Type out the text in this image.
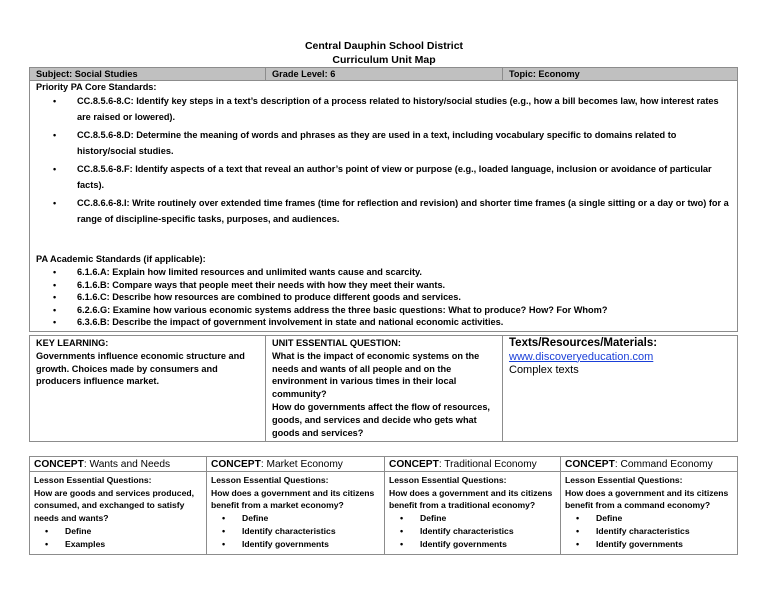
Central Dauphin School District
Curriculum Unit Map
Subject: Social Studies	Grade Level: 6	Topic: Economy
Priority PA Core Standards:
• CC.8.5.6-8.C: Identify key steps in a text’s description of a process related to history/social studies (e.g., how a bill becomes law, how interest rates are raised or lowered).
• CC.8.5.6-8.D: Determine the meaning of words and phrases as they are used in a text, including vocabulary specific to domains related to history/social studies.
• CC.8.5.6-8.F: Identify aspects of a text that reveal an author’s point of view or purpose (e.g., loaded language, inclusion or avoidance of particular facts).
• CC.8.6.6-8.I: Write routinely over extended time frames (time for reflection and revision) and shorter time frames (a single sitting or a day or two) for a range of discipline-specific tasks, purposes, and audiences.
PA Academic Standards (if applicable):
• 6.1.6.A: Explain how limited resources and unlimited wants cause and scarcity.
• 6.1.6.B: Compare ways that people meet their needs with how they meet their wants.
• 6.1.6.C: Describe how resources are combined to produce different goods and services.
• 6.2.6.G: Examine how various economic systems address the three basic questions: What to produce? How? For Whom?
• 6.3.6.B: Describe the impact of government involvement in state and national economic activities.
KEY LEARNING:
Governments influence economic structure and growth. Choices made by consumers and producers influence market.
UNIT ESSENTIAL QUESTION:
What is the impact of economic systems on the needs and wants of all people and on the environment in various times in their local community?
How do governments affect the flow of resources, goods, and services and decide who gets what goods and services?
Texts/Resources/Materials:
www.discoveryeducation.com
Complex texts
CONCEPT: Wants and Needs
Lesson Essential Questions:
How are goods and services produced, consumed, and exchanged to satisfy needs and wants?
• Define
• Examples
CONCEPT: Market Economy
Lesson Essential Questions:
How does a government and its citizens benefit from a market economy?
• Define
• Identify characteristics
• Identify governments
CONCEPT: Traditional Economy
Lesson Essential Questions:
How does a government and its citizens benefit from a traditional economy?
• Define
• Identify characteristics
• Identify governments
CONCEPT: Command Economy
Lesson Essential Questions:
How does a government and its citizens benefit from a command economy?
• Define
• Identify characteristics
• Identify governments
